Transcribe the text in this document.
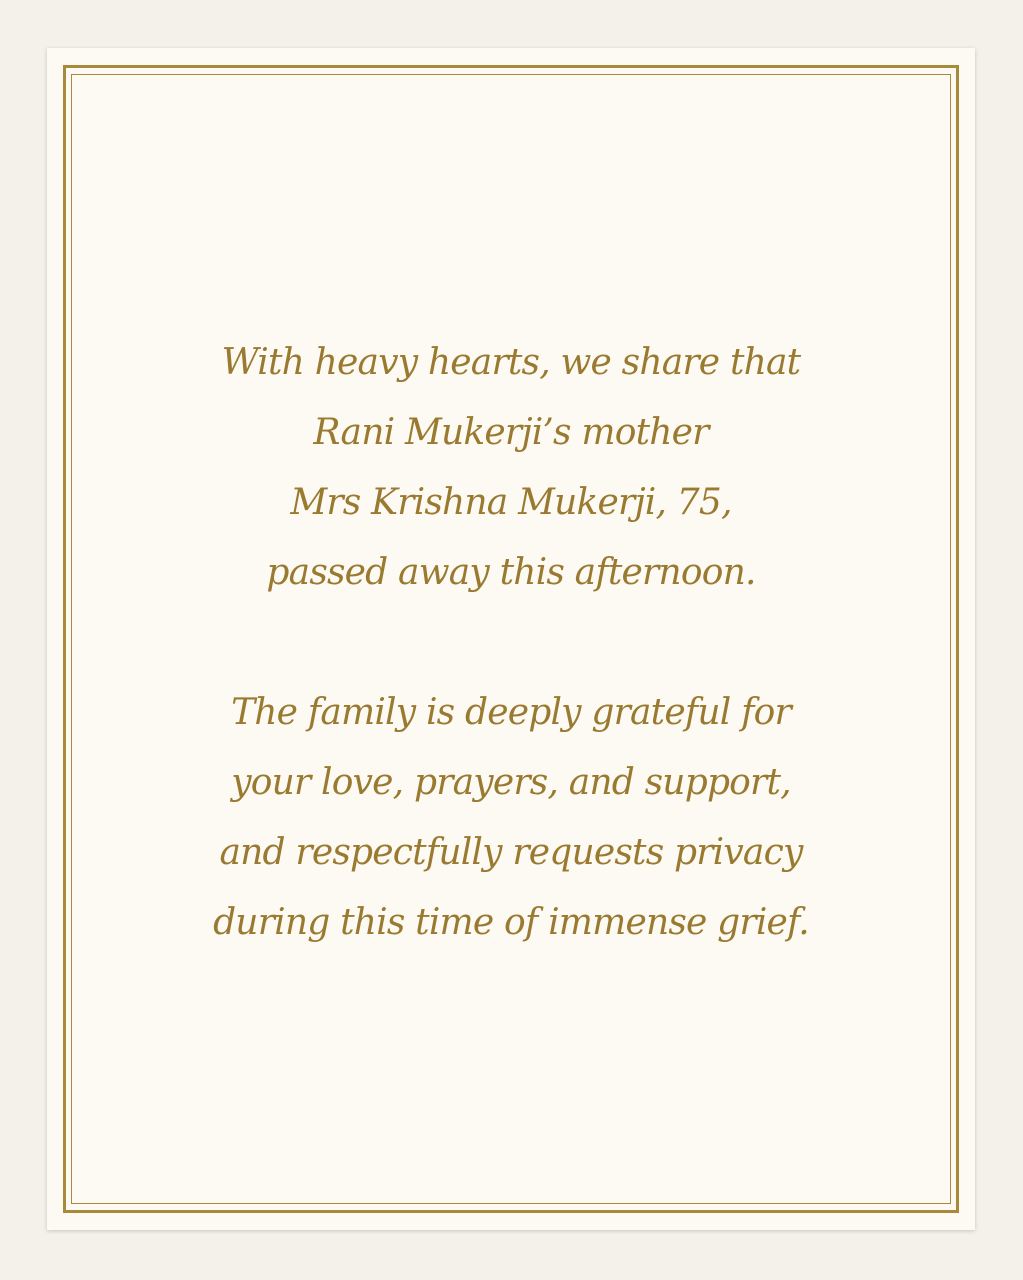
With heavy hearts, we share that
Rani Mukerji’s mother
Mrs Krishna Mukerji, 75,
passed away this afternoon.

The family is deeply grateful for
your love, prayers, and support,
and respectfully requests privacy
during this time of immense grief.
